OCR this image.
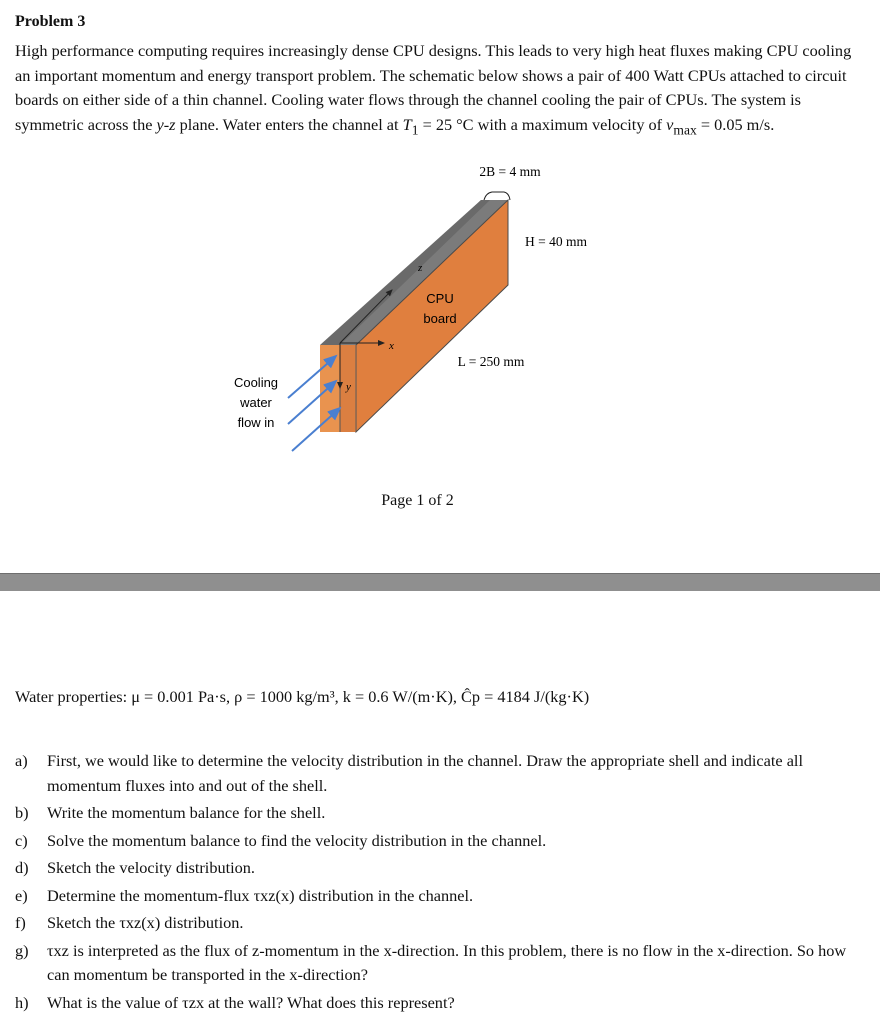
Problem 3
High performance computing requires increasingly dense CPU designs. This leads to very high heat fluxes making CPU cooling an important momentum and energy transport problem. The schematic below shows a pair of 400 Watt CPUs attached to circuit boards on either side of a thin channel. Cooling water flows through the channel cooling the pair of CPUs. The system is symmetric across the y-z plane. Water enters the channel at $T_1 = 25$ °C with a maximum velocity of $v_{max} = 0.05$ m/s.
2B = 4 mm
z
x
y
CPU
board
H = 40 mm
L = 250 mm
Cooling
water
flow in
Page 1 of 2
Water properties: μ = 0.001 Pa·s, ρ = 1000 kg/m³, k = 0.6 W/(m·K), Ĉp = 4184 J/(kg·K)
a)	First, we would like to determine the velocity distribution in the channel. Draw the appropriate shell and indicate all momentum fluxes into and out of the shell.
b)	Write the momentum balance for the shell.
c)	Solve the momentum balance to find the velocity distribution in the channel.
d)	Sketch the velocity distribution.
e)	Determine the momentum-flux τxz(x) distribution in the channel.
f)	Sketch the τxz(x) distribution.
g)	τxz is interpreted as the flux of z-momentum in the x-direction. In this problem, there is no flow in the x-direction. So how can momentum be transported in the x-direction?
h)	What is the value of τzx at the wall? What does this represent?
